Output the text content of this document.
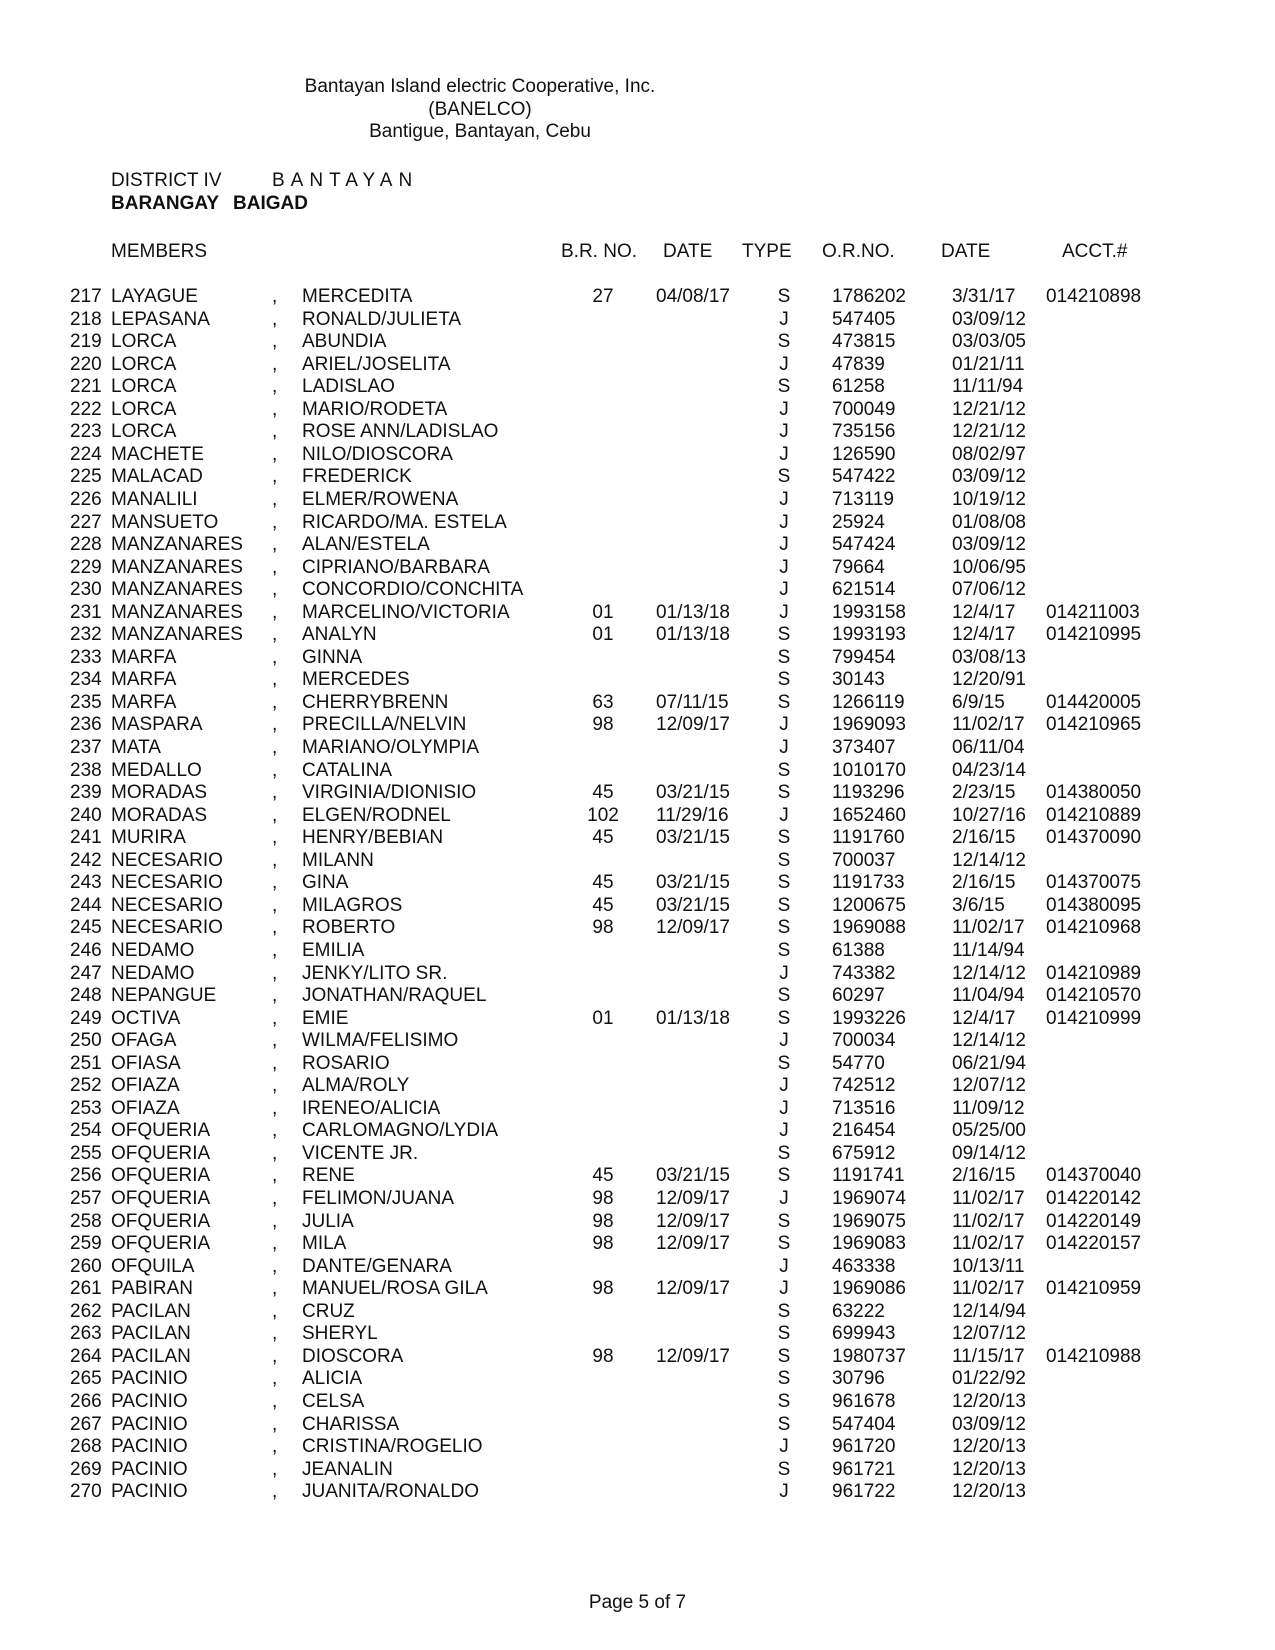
Bantayan Island electric Cooperative, Inc.
(BANELCO)
Bantigue, Bantayan, Cebu
DISTRICT IV	BANTAYAN
BARANGAY BAIGAD
MEMBERS	B.R. NO. DATE TYPE O.R.NO. DATE	ACCT.#
217 LAYAGUE	, MERCEDITA	27	04/08/17	S 1786202 3/31/17 014210898
218 LEPASANA	, RONALD/JULIETA	J 547405	03/09/12
219 LORCA	, ABUNDIA	S 473815	03/03/05
220 LORCA	, ARIEL/JOSELITA	J 47839	01/21/11
221 LORCA	, LADISLAO	S 61258	11/11/94
222 LORCA	, MARIO/RODETA	J 700049	12/21/12
223 LORCA	, ROSE ANN/LADISLAO	J 735156	12/21/12
224 MACHETE	, NILO/DIOSCORA	J 126590	08/02/97
225 MALACAD	, FREDERICK	S 547422	03/09/12
226 MANALILI	, ELMER/ROWENA	J 713119	10/19/12
227 MANSUETO	, RICARDO/MA. ESTELA	J 25924	01/08/08
228 MANZANARES , ALAN/ESTELA	J 547424	03/09/12
229 MANZANARES , CIPRIANO/BARBARA	J 79664	10/06/95
230 MANZANARES , CONCORDIO/CONCHITA	J 621514	07/06/12
231 MANZANARES , MARCELINO/VICTORIA	01	01/13/18	J 1993158 12/4/17 014211003
232 MANZANARES , ANALYN	01	01/13/18	S 1993193 12/4/17 014210995
233 MARFA	, GINNA	S 799454	03/08/13
234 MARFA	, MERCEDES	S 30143	12/20/91
235 MARFA	, CHERRYBRENN	63	07/11/15	S 1266119 6/9/15 014420005
236 MASPARA	, PRECILLA/NELVIN	98	12/09/17	J 1969093 11/02/17 014210965
237 MATA	, MARIANO/OLYMPIA	J 373407	06/11/04
238 MEDALLO	, CATALINA	S 1010170 04/23/14
239 MORADAS	, VIRGINIA/DIONISIO	45	03/21/15	S 1193296 2/23/15 014380050
240 MORADAS	, ELGEN/RODNEL	102	11/29/16	J 1652460 10/27/16 014210889
241 MURIRA	, HENRY/BEBIAN	45	03/21/15	S 1191760 2/16/15 014370090
242 NECESARIO	, MILANN	S 700037	12/14/12
243 NECESARIO	, GINA	45	03/21/15	S 1191733 2/16/15 014370075
244 NECESARIO	, MILAGROS	45	03/21/15	S 1200675 3/6/15 014380095
245 NECESARIO	, ROBERTO	98	12/09/17	S 1969088 11/02/17 014210968
246 NEDAMO	, EMILIA	S 61388	11/14/94
247 NEDAMO	, JENKY/LITO SR.	J 743382	12/14/12 014210989
248 NEPANGUE	, JONATHAN/RAQUEL	S 60297	11/04/94 014210570
249 OCTIVA	, EMIE	01	01/13/18	S 1993226 12/4/17 014210999
250 OFAGA	, WILMA/FELISIMO	J 700034	12/14/12
251 OFIASA	, ROSARIO	S 54770	06/21/94
252 OFIAZA	, ALMA/ROLY	J 742512	12/07/12
253 OFIAZA	, IRENEO/ALICIA	J 713516	11/09/12
254 OFQUERIA	, CARLOMAGNO/LYDIA	J 216454	05/25/00
255 OFQUERIA	, VICENTE JR.	S 675912	09/14/12
256 OFQUERIA	, RENE	45	03/21/15	S 1191741 2/16/15 014370040
257 OFQUERIA	, FELIMON/JUANA	98	12/09/17	J 1969074 11/02/17 014220142
258 OFQUERIA	, JULIA	98	12/09/17	S 1969075 11/02/17 014220149
259 OFQUERIA	, MILA	98	12/09/17	S 1969083 11/02/17 014220157
260 OFQUILA	, DANTE/GENARA	J 463338	10/13/11
261 PABIRAN	, MANUEL/ROSA GILA	98	12/09/17	J 1969086 11/02/17 014210959
262 PACILAN	, CRUZ	S 63222	12/14/94
263 PACILAN	, SHERYL	S 699943	12/07/12
264 PACILAN	, DIOSCORA	98	12/09/17	S 1980737 11/15/17 014210988
265 PACINIO	, ALICIA	S 30796	01/22/92
266 PACINIO	, CELSA	S 961678	12/20/13
267 PACINIO	, CHARISSA	S 547404	03/09/12
268 PACINIO	, CRISTINA/ROGELIO	J 961720	12/20/13
269 PACINIO	, JEANALIN	S 961721	12/20/13
270 PACINIO	, JUANITA/RONALDO	J 961722	12/20/13
Page 5 of 7
